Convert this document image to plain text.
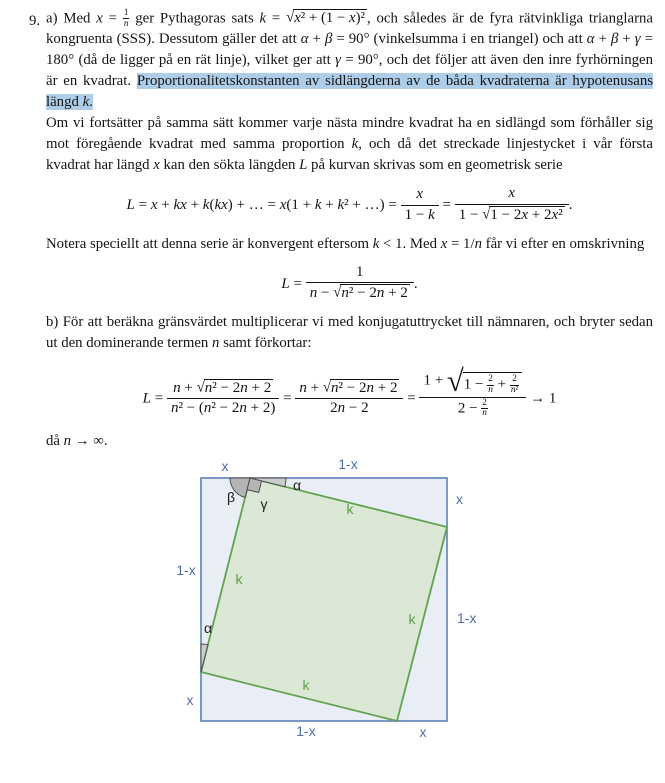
9. a) Med $x = \frac{1}{n}$ ger Pythagoras sats k = √x² + (1 − x)² , och således är de fyra rätvinkliga trianglarna kongruenta (SSS). Dessutom gäller det att α + β = 90° (vinkelsumma i en triangel) och att α + β + γ = 180° (då de ligger på en rät linje), vilket ger att γ = 90°, och det följer att även den inre fyrhörningen är en kvadrat. Proportionalitetskonstanten av sidlängderna av de båda kvadraterna är hypotenusans längd k.

Om vi fortsätter på samma sätt kommer varje nästa mindre kvadrat ha en sidlängd som förhåller sig mot föregående kvadrat med samma proportion k, och då det streckade linjestycket i vår första kvadrat har längd x kan den sökta längden L på kurvan skrivas som en geometrisk serie

L = x + kx + k(kx) + … = x(1 + k + k² + …) = $\frac{x}{1 - k} = \frac{x}{\text{1 − √1 − 2x + 2x²}}$ .

Notera speciellt att denna serie är konvergent eftersom k < 1. Med x = 1/n får vi efter en omskrivning

$L = \frac{1}{\text{n − √n² − 2n + 2}}$ .

b) För att beräkna gränsvärdet multiplicerar vi med konjugatuttrycket till nämnaren, och bryter sedan ut den dominerande termen n samt förkortar:

$L = \frac{\text{n + √n² − 2n + 2}}{\text{n² − (n² − 2n + 2)}} = \frac{\text{n + √n² − 2n + 2}}{2n - 2} = \frac{1 + √ 1 - \frac{2}{n} + \frac{2}{\text{n²}}}{2 - \frac{2}{n}} \to 1$

då n → ∞.

x	1-x
x
1-x
1-x
x
1-x	x
k
k
k
k
β γ
α
α
